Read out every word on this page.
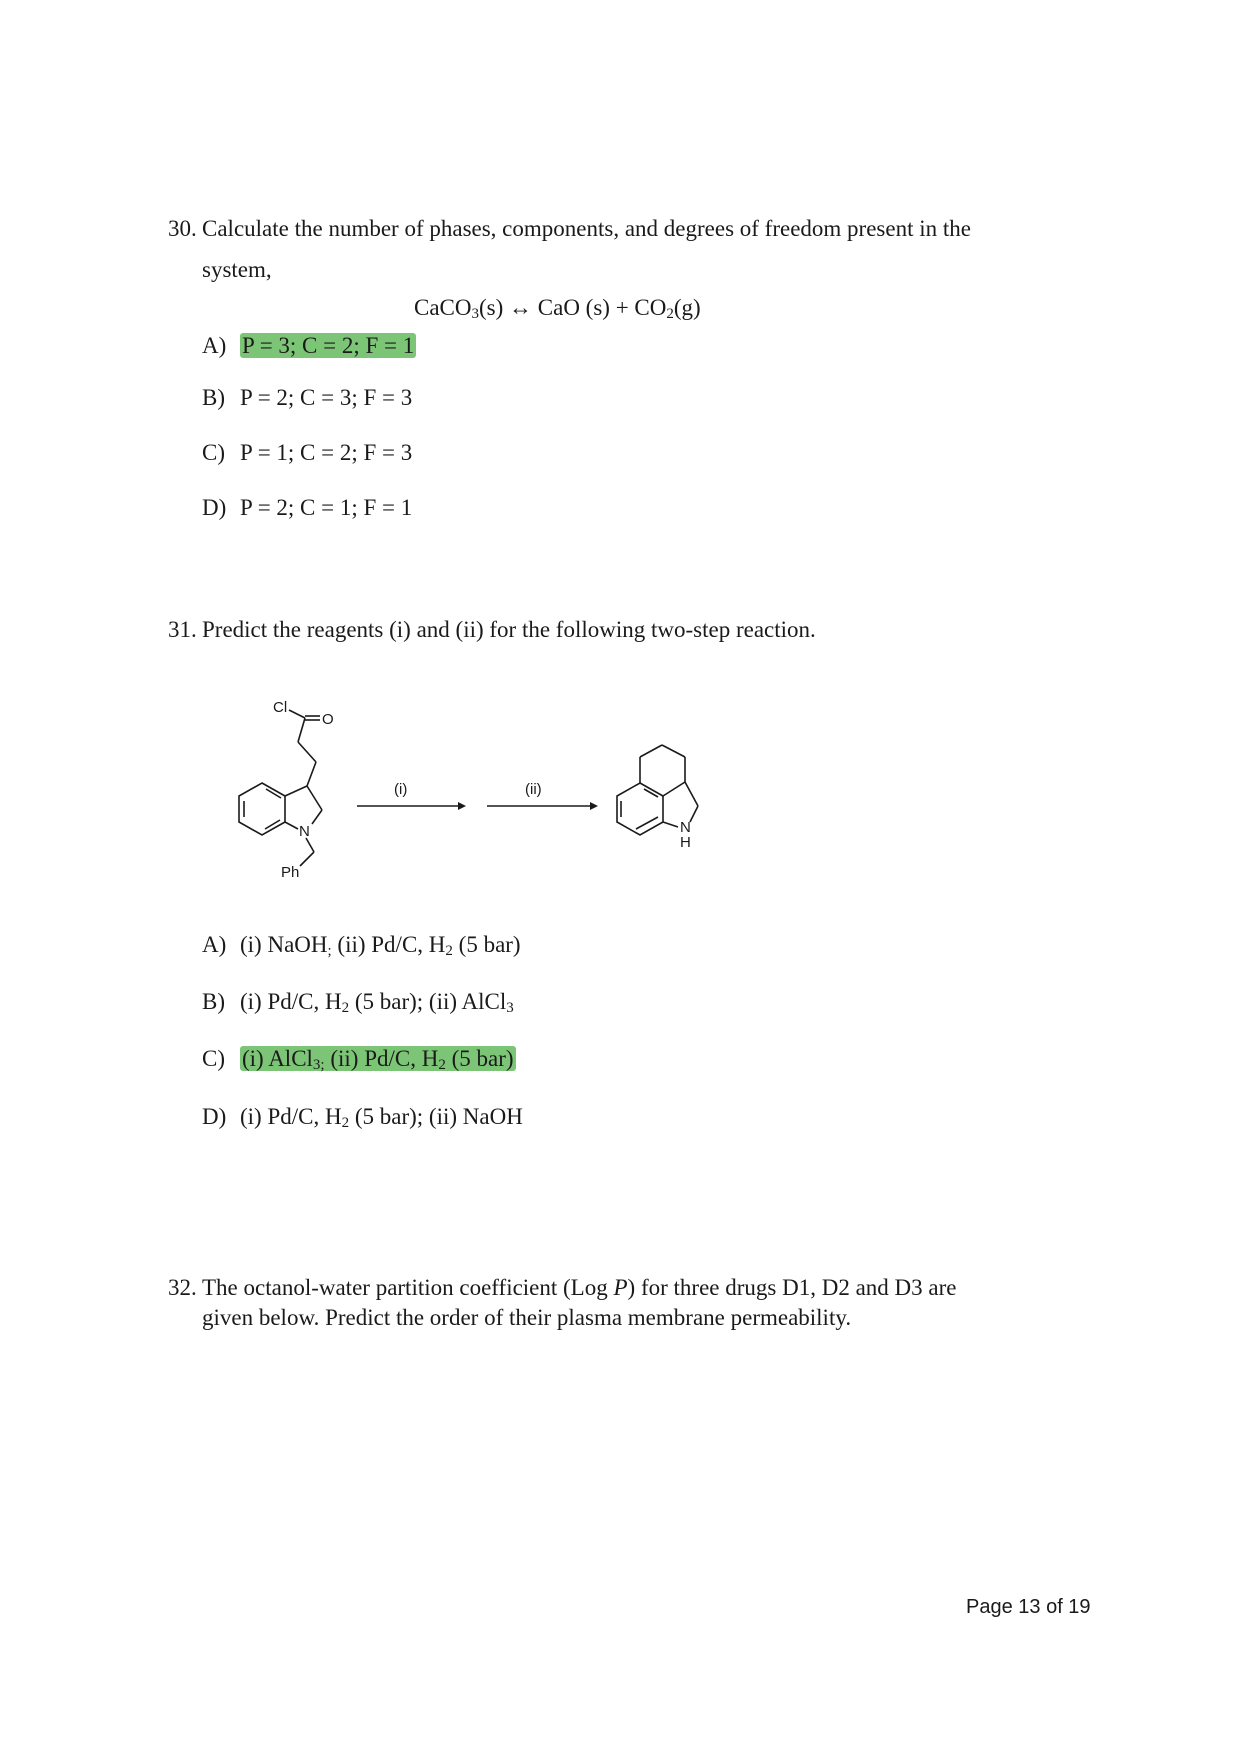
30. Calculate the number of phases, components, and degrees of freedom present in the
system,
CaCO$_3$(s) ↔ CaO $(s) + CO_2(g)$
A) P = 3; C = 2; F = 1
B) P = 2; C = 3; F = 3
C) P = 1; C = 2; F = 3
D) P = 2; C = 1; F = 1
31. Predict the reagents (i) and (ii) for the following two-step reaction.
Cl
O
N
Ph
(i)	(ii)
N
H
A) (i) NaOH$_;$ (ii) Pd/C, $H_2$ (5 bar)
B) (i) Pd/C, $H_2$ (5 bar); (ii) AlCl$_3$
C) (i) AlCl$_{3;}$ (ii) Pd/C, $H_2$ (5 bar)
D) (i) Pd/C, $H_2$ (5 bar); (ii) NaOH
32. The octanol-water partition coefficient (Log P) for three drugs D1, D2 and D3 are
given below. Predict the order of their plasma membrane permeability.
Page 13 of 19
